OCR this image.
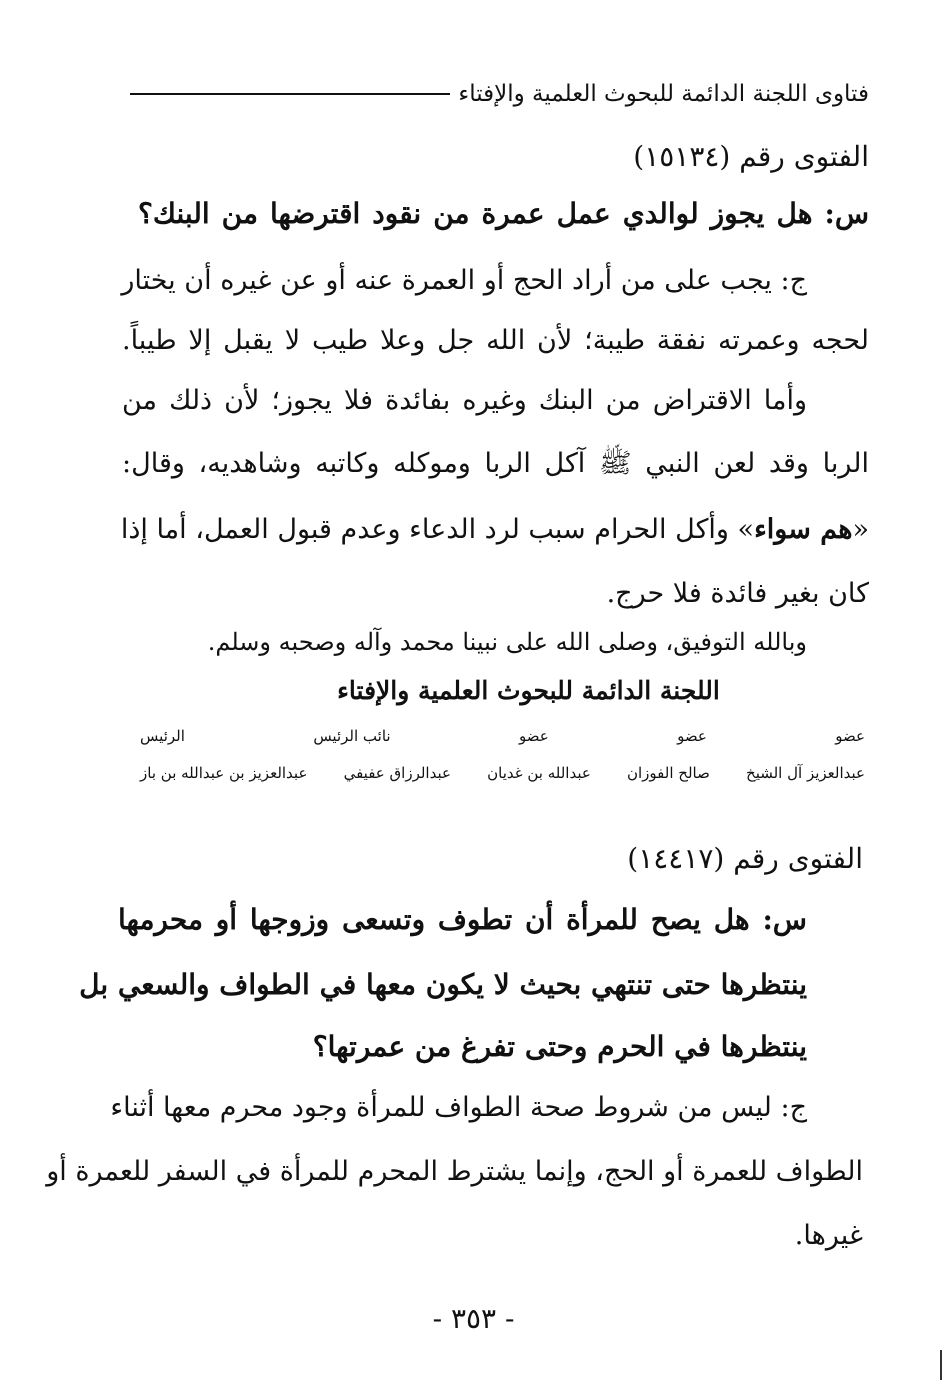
فتاوى اللجنة الدائمة للبحوث العلمية والإفتاء
الفتوى رقم (١٥١٣٤)
س: هل يجوز لوالدي عمل عمرة من نقود اقترضها من البنك؟
ج: يجب على من أراد الحج أو العمرة عنه أو عن غيره أن يختار
لحجه وعمرته نفقة طيبة؛ لأن الله جل وعلا طيب لا يقبل إلا طيباً.
وأما الاقتراض من البنك وغيره بفائدة فلا يجوز؛ لأن ذلك من
الربا وقد لعن النبي ﷺ آكل الربا وموكله وكاتبه وشاهديه، وقال:
«هم سواء» وأكل الحرام سبب لرد الدعاء وعدم قبول العمل، أما إذا
كان بغير فائدة فلا حرج.
وبالله التوفيق، وصلى الله على نبينا محمد وآله وصحبه وسلم.
اللجنة الدائمة للبحوث العلمية والإفتاء
عضو
عضو
عضو
نائب الرئيس
الرئيس
عبدالعزيز آل الشيخ
صالح الفوزان
عبدالله بن غديان
عبدالرزاق عفيفي
عبدالعزيز بن عبدالله بن باز
الفتوى رقم (١٤٤١٧)
س: هل يصح للمرأة أن تطوف وتسعى وزوجها أو محرمها
ينتظرها حتى تنتهي بحيث لا يكون معها في الطواف والسعي بل
ينتظرها في الحرم وحتى تفرغ من عمرتها؟
ج: ليس من شروط صحة الطواف للمرأة وجود محرم معها أثناء
الطواف للعمرة أو الحج، وإنما يشترط المحرم للمرأة في السفر للعمرة أو
غيرها.
- ٣٥٣ -
